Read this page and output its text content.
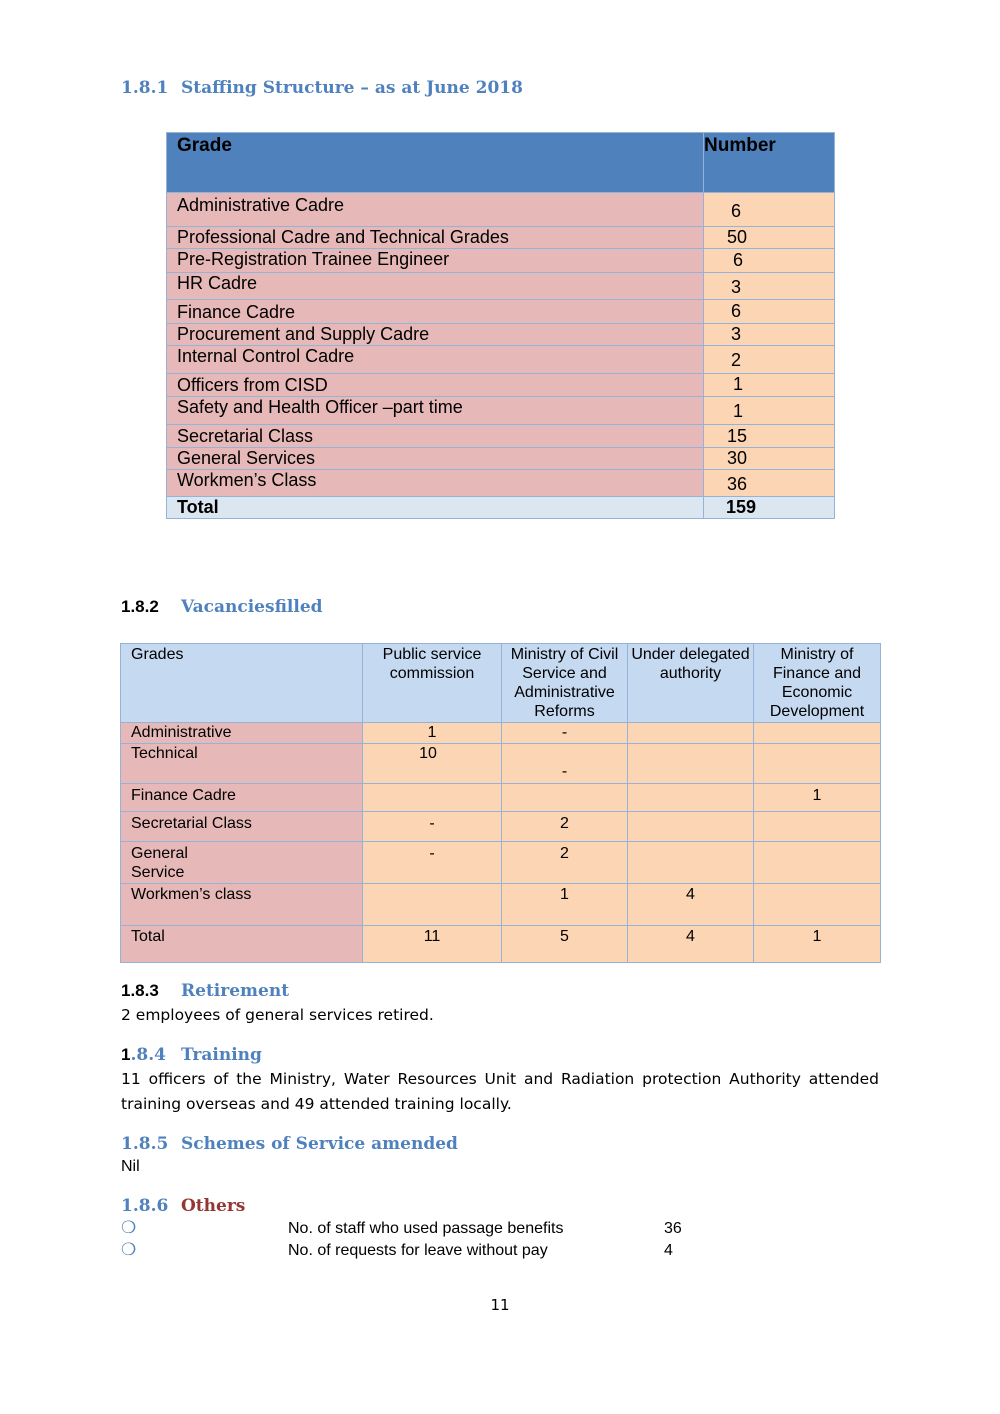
1.8.1 Staffing Structure – as at June 2018
Grade	Number
Administrative Cadre	6
Professional Cadre and Technical Grades	50
Pre-Registration Trainee Engineer	6
HR Cadre	3
Finance Cadre	6
Procurement and Supply Cadre	3
Internal Control Cadre	2
Officers from CISD	1
Safety and Health Officer –part time	1
Secretarial Class	15
General Services	30
Workmen’s Class	36
Total	159
1.8.2 Vacanciesfilled
Grades	Public service commission	Ministry of Civil Service and Administrative Reforms	Under delegated authority	Ministry of Finance and Economic Development
Administrative	1	-		
Technical	10	-		
Finance Cadre				1
Secretarial Class	-	2		
General Service	-	2		
Workmen’s class		1	4	
Total	11	5	4	1
1.8.3 Retirement
2 employees of general services retired.
1.8.4 Training
11 officers of the Ministry, Water Resources Unit and Radiation protection Authority attended training overseas and 49 attended training locally.
1.8.5 Schemes of Service amended
Nil
1.8.6 Others
❍	No. of staff who used passage benefits	36
❍	No. of requests for leave without pay	4
11
